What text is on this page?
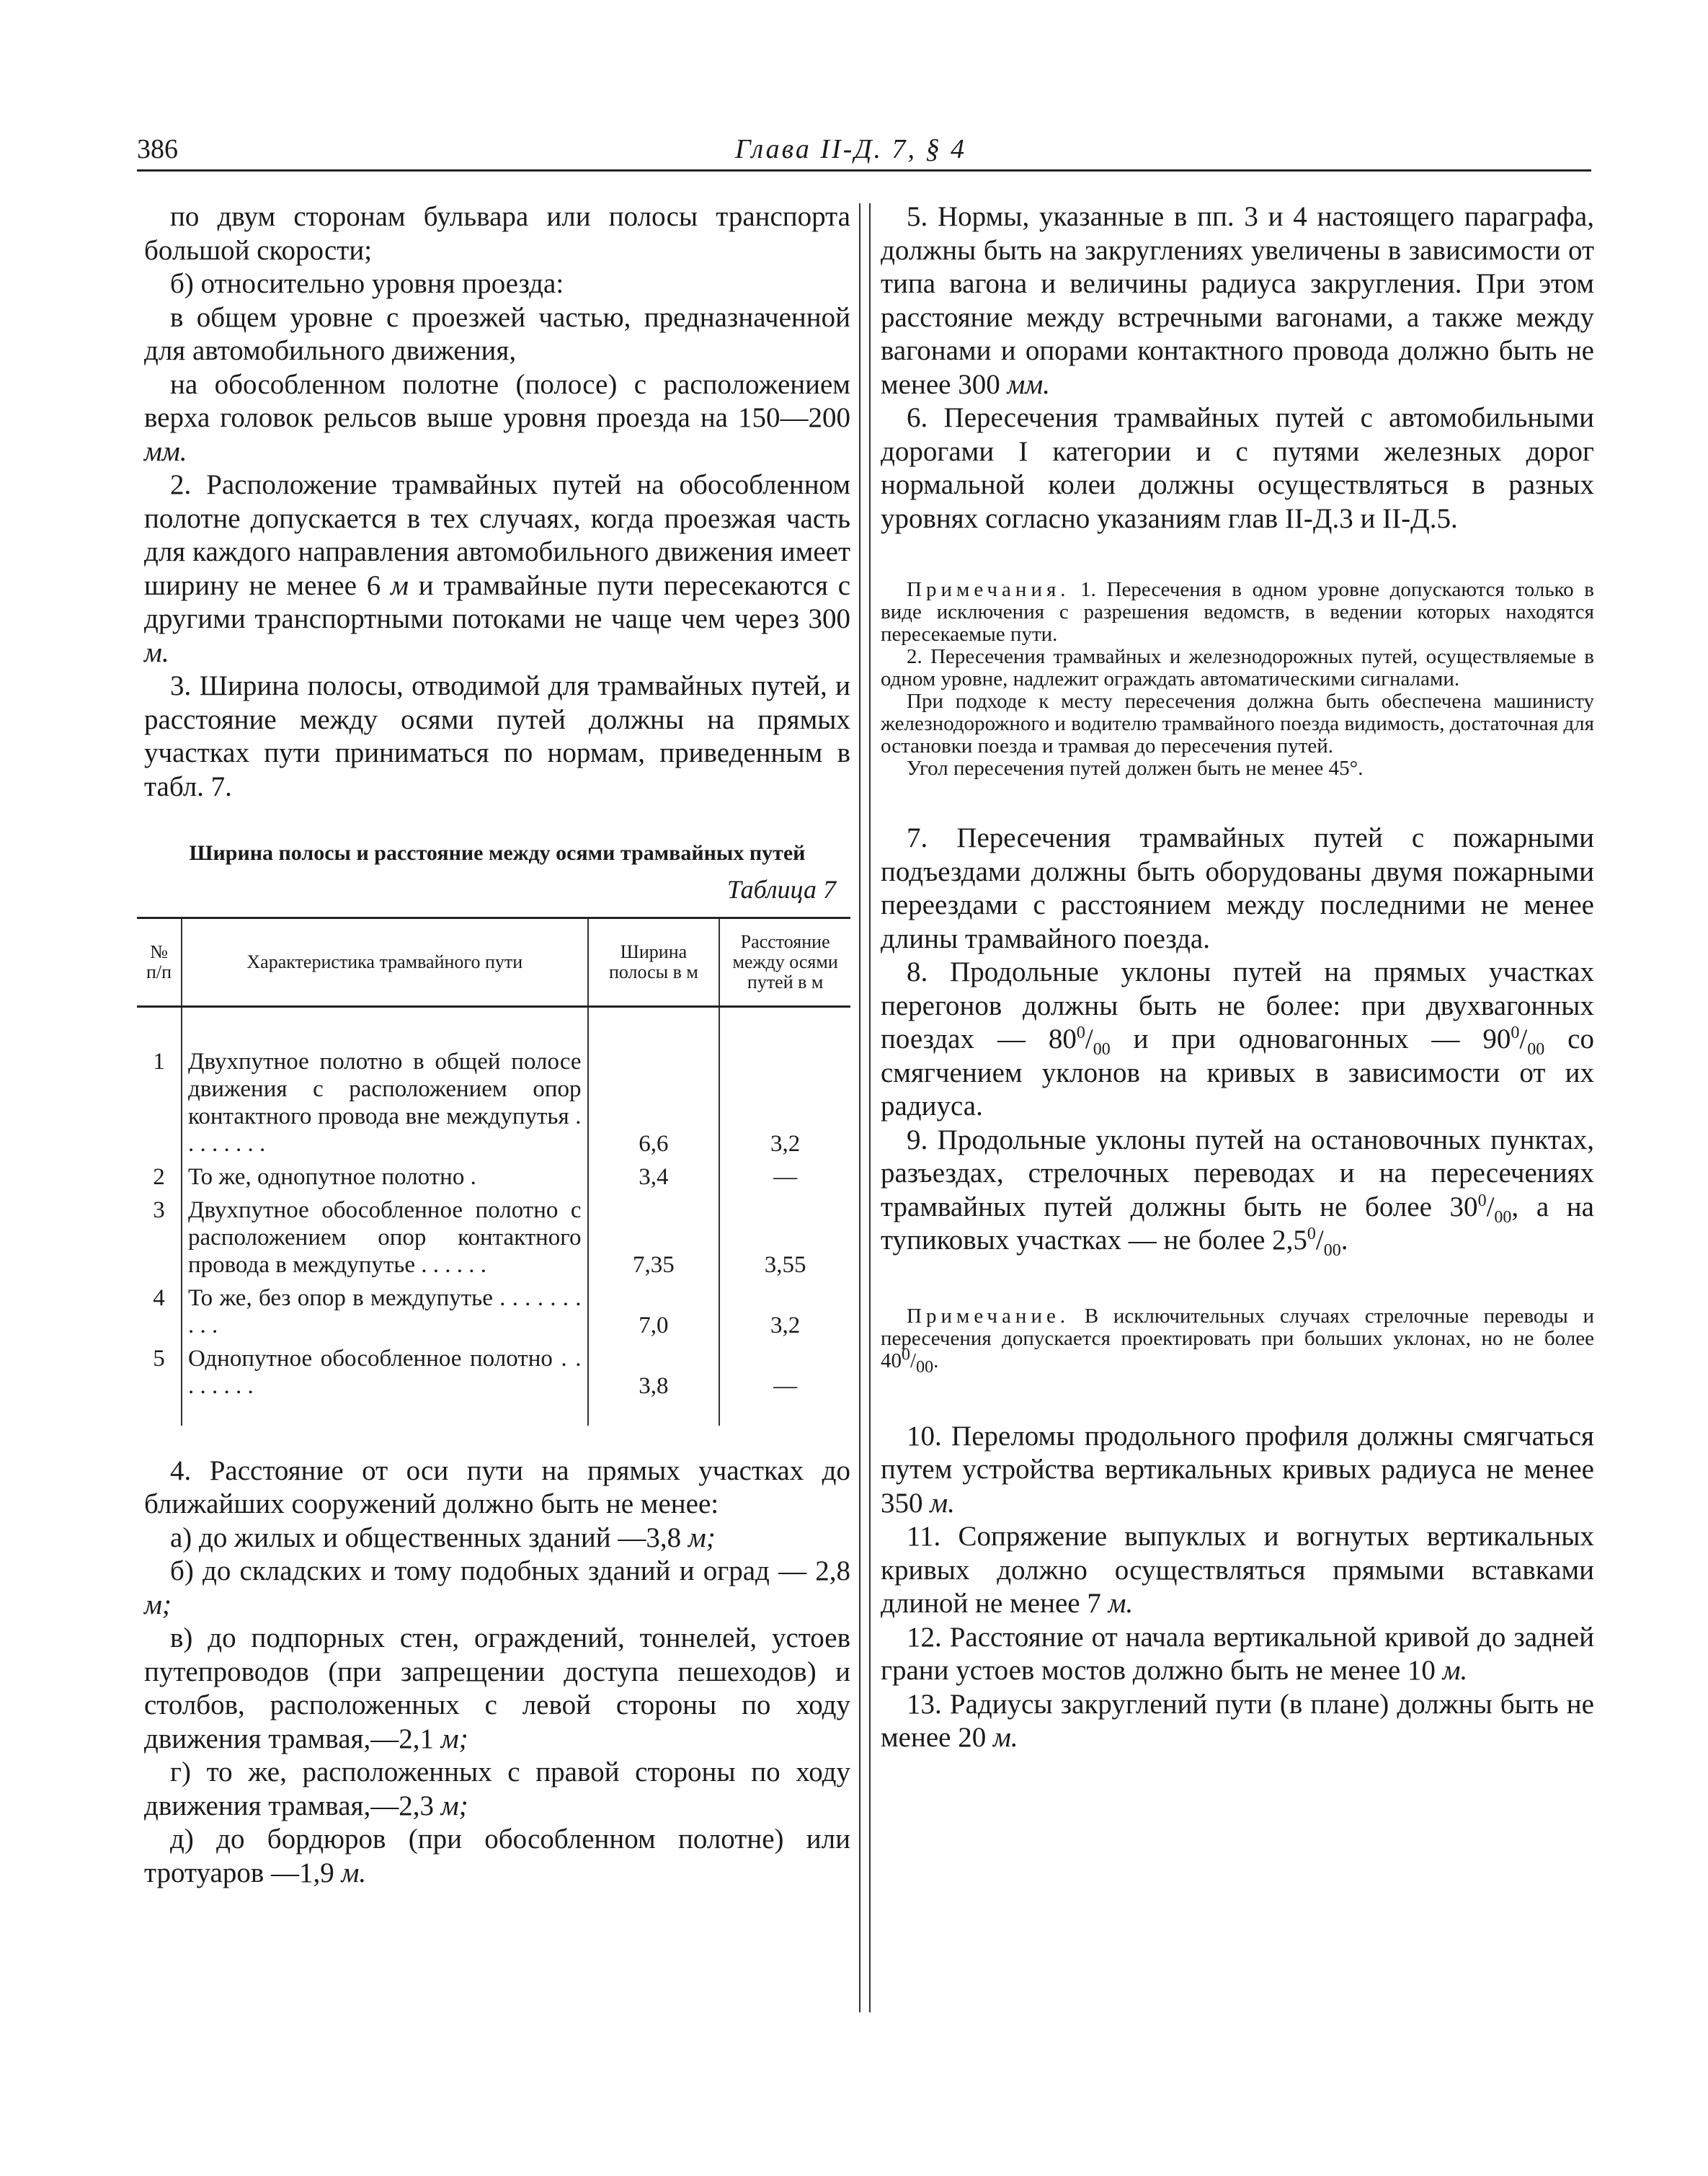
386	Глава II-Д. 7, § 4

по двум сторонам бульвара или полосы транспорта большой скорости;

б) относительно уровня проезда:

в общем уровне с проезжей частью, предназначенной для автомобильного движения,

на обособленном полотне (полосе) с расположением верха головок рельсов выше уровня проезда на 150—200 мм.

2. Расположение трамвайных путей на обособленном полотне допускается в тех случаях, когда проезжая часть для каждого направления автомобильного движения имеет ширину не менее 6 м и трамвайные пути пересекаются с другими транспортными потоками не чаще чем через 300 м.

3. Ширина полосы, отводимой для трамвайных путей, и расстояние между осями путей должны на прямых участках пути приниматься по нормам, приведенным в табл. 7.

Ширина полосы и расстояние между осями трамвайных путей
Таблица 7
№ п/п	Характеристика трамвайного пути	Ширина полосы в м	Расстояние между осями путей в м
1	Двухпутное полотно в общей полосе движения с расположением опор контактного провода вне междупутья . . . . . . . .	6,6	3,2
2	То же, однопутное полотно .	3,4	—
3	Двухпутное обособленное полотно с расположением опор контактного провода в междупутье . . . . . .	7,35	3,55
4	То же, без опор в междупутье . . . . . . . . . .	7,0	3,2
5	Однопутное обособленное полотно . . . . . . . .	3,8	—

4. Расстояние от оси пути на прямых участках до ближайших сооружений должно быть не менее:

а) до жилых и общественных зданий —3,8 м;

б) до складских и тому подобных зданий и оград — 2,8 м;

в) до подпорных стен, ограждений, тоннелей, устоев путепроводов (при запрещении доступа пешеходов) и столбов, расположенных с левой стороны по ходу движения трамвая,—2,1 м;

г) то же, расположенных с правой стороны по ходу движения трамвая,—2,3 м;

д) до бордюров (при обособленном полотне) или тротуаров —1,9 м.

5. Нормы, указанные в пп. 3 и 4 настоящего параграфа, должны быть на закруглениях увеличены в зависимости от типа вагона и величины радиуса закругления. При этом расстояние между встречными вагонами, а также между вагонами и опорами контактного провода должно быть не менее 300 мм.

6. Пересечения трамвайных путей с автомобильными дорогами I категории и с путями железных дорог нормальной колеи должны осуществляться в разных уровнях согласно указаниям глав II-Д.3 и II-Д.5.

Примечания. 1. Пересечения в одном уровне допускаются только в виде исключения с разрешения ведомств, в ведении которых находятся пересекаемые пути.

2. Пересечения трамвайных и железнодорожных путей, осуществляемые в одном уровне, надлежит ограждать автоматическими сигналами.

При подходе к месту пересечения должна быть обеспечена машинисту железнодорожного и водителю трамвайного поезда видимость, достаточная для остановки поезда и трамвая до пересечения путей.

Угол пересечения путей должен быть не менее 45°.

7. Пересечения трамвайных путей с пожарными подъездами должны быть оборудованы двумя пожарными переездами с расстоянием между последними не менее длины трамвайного поезда.

8. Продольные уклоны путей на прямых участках перегонов должны быть не более: при двухвагонных поездах — $80^0/_{00}$ и при одновагонных — $90^0/_{00}$ со смягчением уклонов на кривых в зависимости от их радиуса.

9. Продольные уклоны путей на остановочных пунктах, разъездах, стрелочных переводах и на пересечениях трамвайных путей должны быть не более $30^0/_{00}$, а на тупиковых участках — не более $2,5^0/_{00}$.

Примечание. В исключительных случаях стрелочные переводы и пересечения допускается проектировать при больших уклонах, но не более $40^0/_{00}$.

10. Переломы продольного профиля должны смягчаться путем устройства вертикальных кривых радиуса не менее 350 м.

11. Сопряжение выпуклых и вогнутых вертикальных кривых должно осуществляться прямыми вставками длиной не менее 7 м.

12. Расстояние от начала вертикальной кривой до задней грани устоев мостов должно быть не менее 10 м.

13. Радиусы закруглений пути (в плане) должны быть не менее 20 м.
